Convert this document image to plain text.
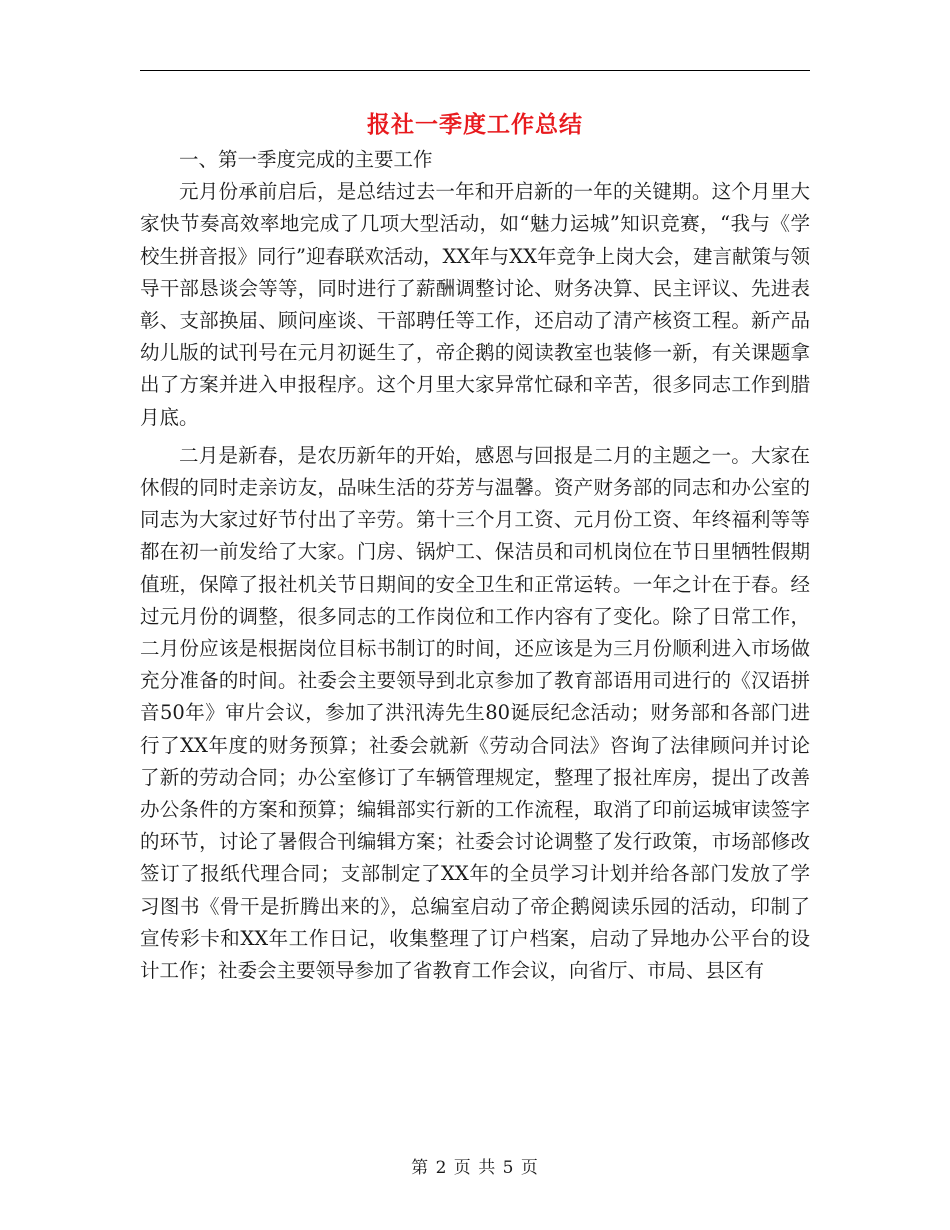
报社一季度工作总结

一、第一季度完成的主要工作

元月份承前启后，是总结过去一年和开启新的一年的关键期。这个月里大家快节奏高效率地完成了几项大型活动，如“魅力运城”知识竞赛，“我与《学校生拼音报》同行”迎春联欢活动，XX年与XX年竞争上岗大会，建言献策与领导干部恳谈会等等，同时进行了薪酬调整讨论、财务决算、民主评议、先进表彰、支部换届、顾问座谈、干部聘任等工作，还启动了清产核资工程。新产品幼儿版的试刊号在元月初诞生了，帝企鹅的阅读教室也装修一新，有关课题拿出了方案并进入申报程序。这个月里大家异常忙碌和辛苦，很多同志工作到腊月底。

二月是新春，是农历新年的开始，感恩与回报是二月的主题之一。大家在休假的同时走亲访友，品味生活的芬芳与温馨。资产财务部的同志和办公室的同志为大家过好节付出了辛劳。第十三个月工资、元月份工资、年终福利等等都在初一前发给了大家。门房、锅炉工、保洁员和司机岗位在节日里牺牲假期值班，保障了报社机关节日期间的安全卫生和正常运转。一年之计在于春。经过元月份的调整，很多同志的工作岗位和工作内容有了变化。除了日常工作，二月份应该是根据岗位目标书制订的时间，还应该是为三月份顺利进入市场做充分准备的时间。社委会主要领导到北京参加了教育部语用司进行的《汉语拼音50年》审片会议，参加了洪汛涛先生80诞辰纪念活动；财务部和各部门进行了XX年度的财务预算；社委会就新《劳动合同法》咨询了法律顾问并讨论了新的劳动合同；办公室修订了车辆管理规定，整理了报社库房，提出了改善办公条件的方案和预算；编辑部实行新的工作流程，取消了印前运城审读签字的环节，讨论了暑假合刊编辑方案；社委会讨论调整了发行政策，市场部修改签订了报纸代理合同；支部制定了XX年的全员学习计划并给各部门发放了学习图书《骨干是折腾出来的》，总编室启动了帝企鹅阅读乐园的活动，印制了宣传彩卡和XX年工作日记，收集整理了订户档案，启动了异地办公平台的设计工作；社委会主要领导参加了省教育工作会议，向省厅、市局、县区有

第 2 页 共 5 页
